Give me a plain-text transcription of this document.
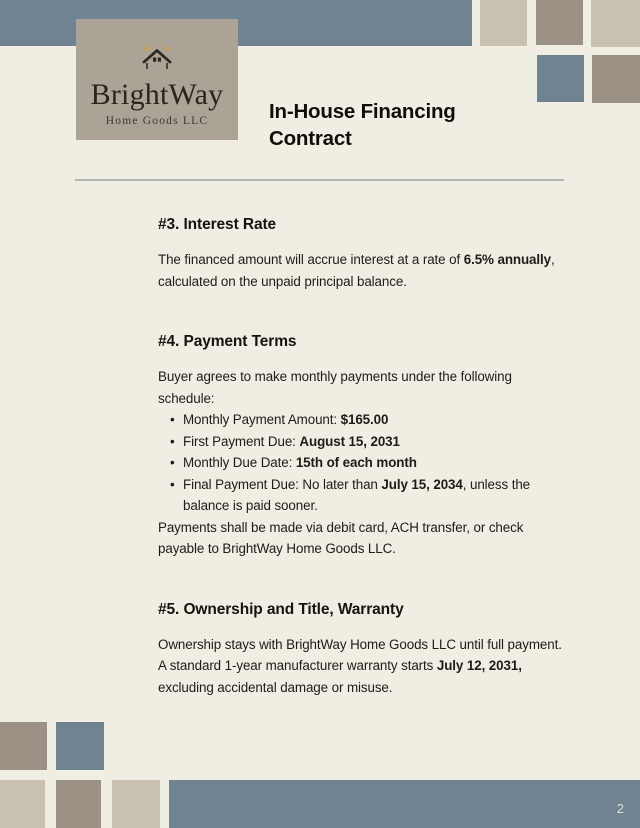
BrightWay
Home Goods LLC	In-House Financing Contract
#3. Interest Rate

The financed amount will accrue interest at a rate of 6.5% annually, calculated on the unpaid principal balance.

#4. Payment Terms

Buyer agrees to make monthly payments under the following schedule:

• Monthly Payment Amount: $165.00
• First Payment Due: August 15, 2031
• Monthly Due Date: 15th of each month
• Final Payment Due: No later than July 15, 2034, unless the balance is paid sooner.

Payments shall be made via debit card, ACH transfer, or check payable to BrightWay Home Goods LLC.

#5. Ownership and Title, Warranty

Ownership stays with BrightWay Home Goods LLC until full payment. A standard 1-year manufacturer warranty starts July 12, 2031, excluding accidental damage or misuse.

2
